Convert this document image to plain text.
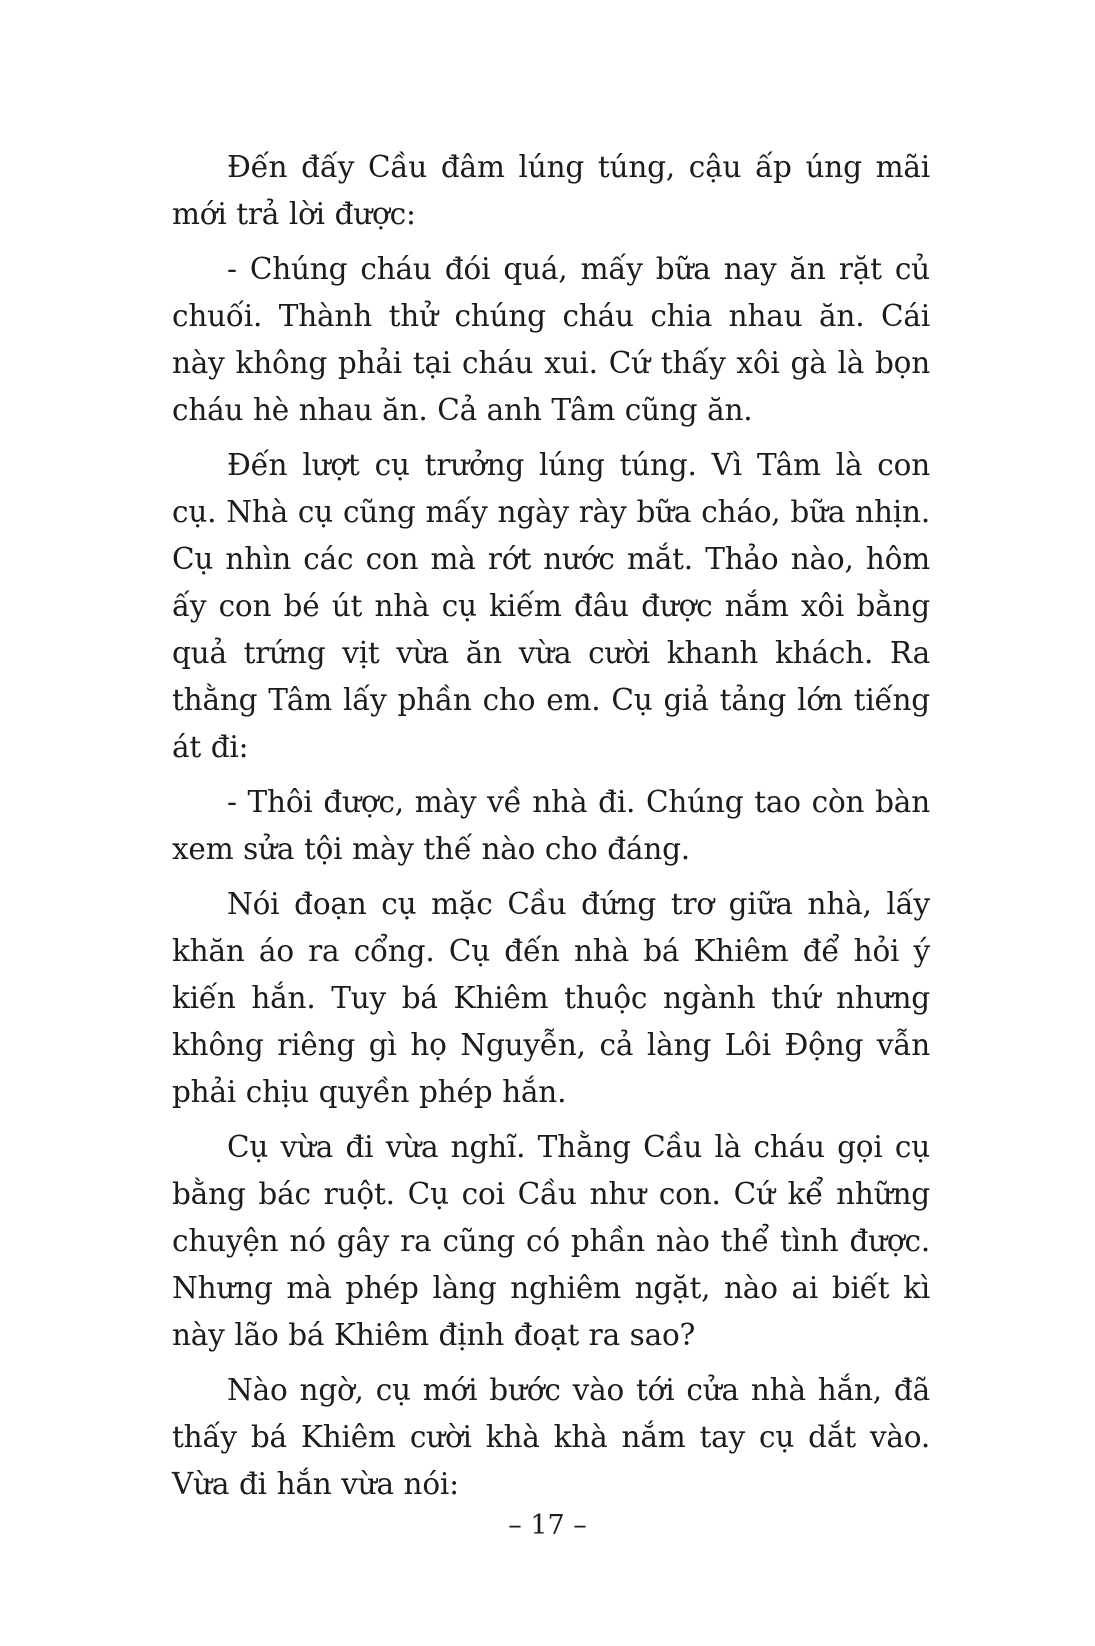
Đến đấy Cầu đâm lúng túng, cậu ấp úng mãi mới trả lời được:

- Chúng cháu đói quá, mấy bữa nay ăn rặt củ chuối. Thành thử chúng cháu chia nhau ăn. Cái này không phải tại cháu xui. Cứ thấy xôi gà là bọn cháu hè nhau ăn. Cả anh Tâm cũng ăn.

Đến lượt cụ trưởng lúng túng. Vì Tâm là con cụ. Nhà cụ cũng mấy ngày rày bữa cháo, bữa nhịn. Cụ nhìn các con mà rớt nước mắt. Thảo nào, hôm ấy con bé út nhà cụ kiếm đâu được nắm xôi bằng quả trứng vịt vừa ăn vừa cười khanh khách. Ra thằng Tâm lấy phần cho em. Cụ giả tảng lớn tiếng át đi:

- Thôi được, mày về nhà đi. Chúng tao còn bàn xem sửa tội mày thế nào cho đáng.

Nói đoạn cụ mặc Cầu đứng trơ giữa nhà, lấy khăn áo ra cổng. Cụ đến nhà bá Khiêm để hỏi ý kiến hắn. Tuy bá Khiêm thuộc ngành thứ nhưng không riêng gì họ Nguyễn, cả làng Lôi Động vẫn phải chịu quyền phép hắn.

Cụ vừa đi vừa nghĩ. Thằng Cầu là cháu gọi cụ bằng bác ruột. Cụ coi Cầu như con. Cứ kể những chuyện nó gây ra cũng có phần nào thể tình được. Nhưng mà phép làng nghiêm ngặt, nào ai biết kì này lão bá Khiêm định đoạt ra sao?

Nào ngờ, cụ mới bước vào tới cửa nhà hắn, đã thấy bá Khiêm cười khà khà nắm tay cụ dắt vào. Vừa đi hắn vừa nói:

– 17 –
